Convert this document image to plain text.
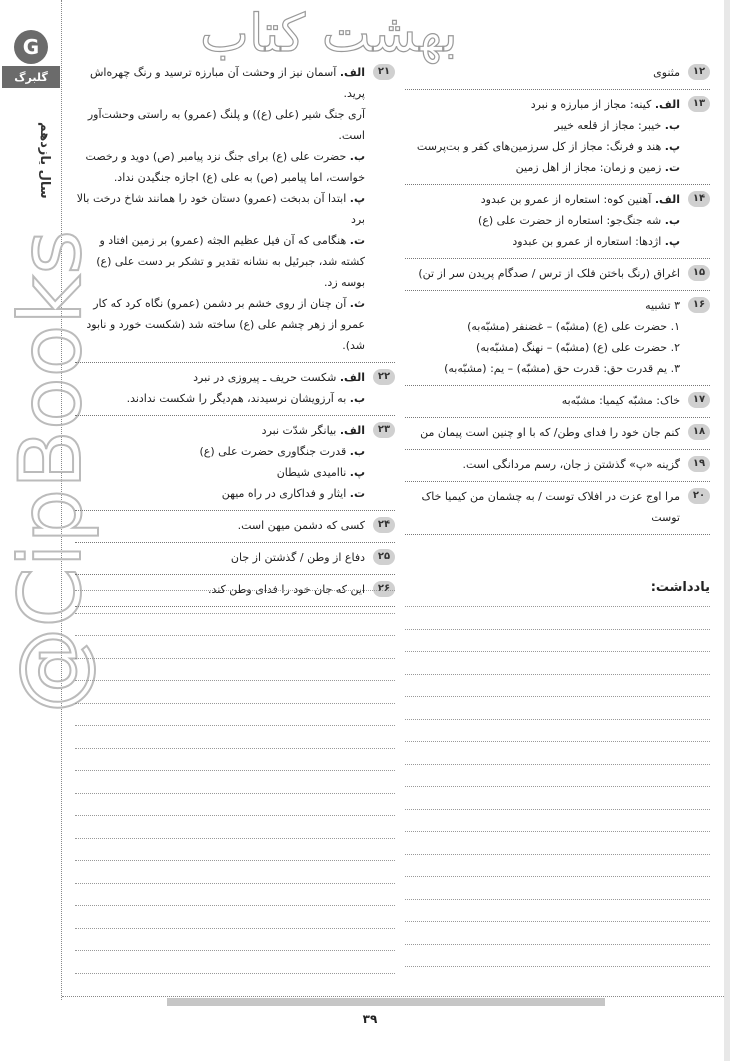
G
گلبرگ
سال یازدهم
@CipBooks
بهشت کتاب
۱۲

مثنوی

۱۳

الف. کینه: مجاز از مبارزه و نبرد

ب. خیبر: مجاز از قلعه خیبر

پ. هند و فرنگ: مجاز از کل سرزمین‌های کفر و بت‌پرست

ت. زمین و زمان: مجاز از اهل زمین

۱۴

الف. آهنین کوه: استعاره از عمرو بن عبدود

ب. شه جنگ‌جو: استعاره از حضرت علی (ع)

پ. اژدها: استعاره از عمرو بن عبدود

۱۵

اغراق (رنگ باختن فلک از ترس / صدگام پریدن سر از تن)

۱۶

۳ تشبیه

۱. حضرت علی (ع) (مشبّه) – غضنفر (مشبّه‌به)

۲. حضرت علی (ع) (مشبّه) – نهنگ (مشبّه‌به)

۳. یم قدرت حق: قدرت حق (مشبّه) – یم: (مشبّه‌به)

۱۷

خاک: مشبّه کیمیا: مشبّه‌به

۱۸

کنم جان خود را فدای وطن/ که با او چنین است پیمان من

۱۹

گزینه «پ» گذشتن ز جان، رسم مردانگی است.

۲۰

مرا اوج عزت در افلاک توست / به چشمان من کیمیا خاک توست

۲۱

الف. آسمان نیز از وحشت آن مبارزه ترسید و رنگ چهره‌اش پرید.

آری جنگ شیر (علی (ع)) و پلنگ (عمرو) به راستی وحشت‌آور است.

ب. حضرت علی (ع) برای جنگ نزد پیامبر (ص) دوید و رخصت خواست، اما پیامبر (ص) به علی (ع) اجازه جنگیدن نداد.

پ. ابتدا آن بدبخت (عمرو) دستان خود را همانند شاخ درخت بالا برد

ت. هنگامی که آن فیل عظیم الجثه (عمرو) بر زمین افتاد و کشته شد، جبرئیل به نشانه تقدیر و تشکر بر دست علی (ع) بوسه زد.

ث. آن چنان از روی خشم بر دشمن (عمرو) نگاه کرد که کار عمرو از زهر چشم علی (ع) ساخته شد (شکست خورد و نابود شد).

۲۲

الف. شکست حریف ـ پیروزی در نبرد

ب. به آرزویشان نرسیدند، هم‌دیگر را شکست ندادند.

۲۳

الف. بیانگر شدّت نبرد

ب. قدرت جنگاوری حضرت علی (ع)

پ. ناامیدی شیطان

ت. ایثار و فداکاری در راه میهن

۲۴

کسی که دشمن میهن است.

۲۵

دفاع از وطن / گذشتن از جان

۲۶

این که جان خود را فدای وطن کند.	یادداشت:
۳۹
